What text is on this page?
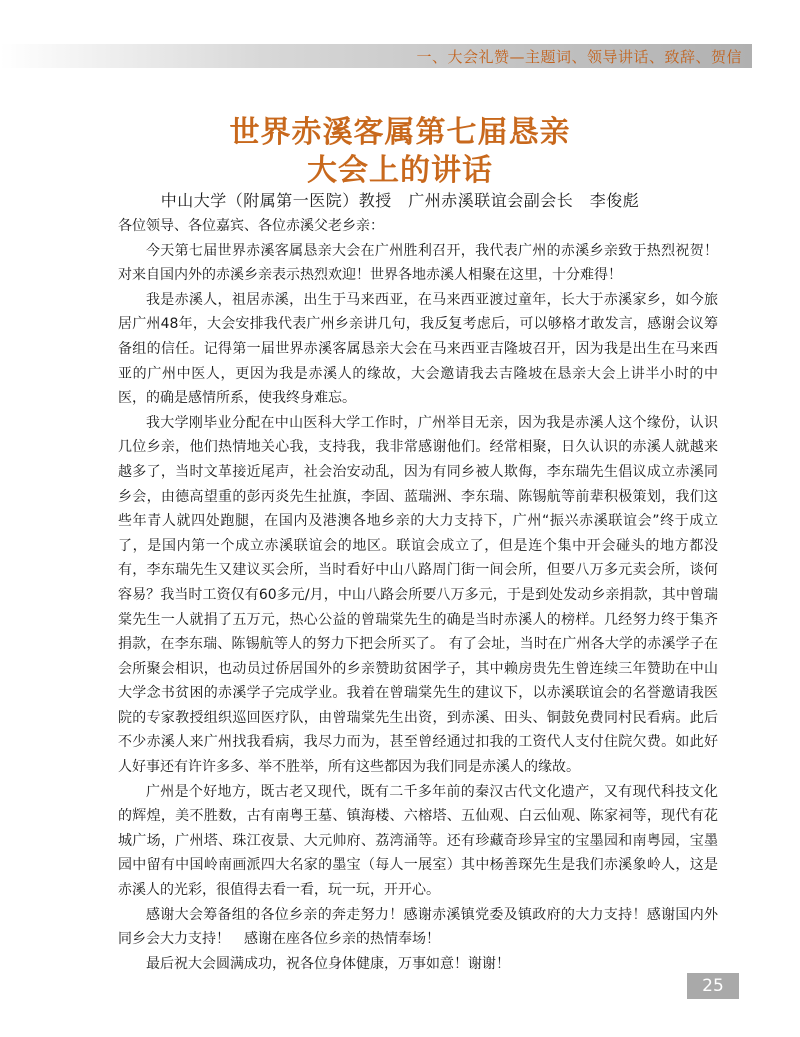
一、大会礼赞—主题词、领导讲话、致辞、贺信
世界赤溪客属第七届恳亲
大会上的讲话
中山大学（附属第一医院）教授　广州赤溪联谊会副会长　李俊彪

各位领导、各位嘉宾、各位赤溪父老乡亲：

今天第七届世界赤溪客属恳亲大会在广州胜利召开，我代表广州的赤溪乡亲致于热烈祝贺！对来自国内外的赤溪乡亲表示热烈欢迎！世界各地赤溪人相聚在这里，十分难得！

我是赤溪人，祖居赤溪，出生于马来西亚，在马来西亚渡过童年，长大于赤溪家乡，如今旅居广州48年，大会安排我代表广州乡亲讲几句，我反复考虑后，可以够格才敢发言，感谢会议筹备组的信任。记得第一届世界赤溪客属恳亲大会在马来西亚吉隆坡召开，因为我是出生在马来西亚的广州中医人，更因为我是赤溪人的缘故，大会邀请我去吉隆坡在恳亲大会上讲半小时的中医，的确是感情所系，使我终身难忘。

我大学刚毕业分配在中山医科大学工作时，广州举目无亲，因为我是赤溪人这个缘份，认识几位乡亲，他们热情地关心我，支持我，我非常感谢他们。经常相聚，日久认识的赤溪人就越来越多了，当时文革接近尾声，社会治安动乱，因为有同乡被人欺侮，李东瑞先生倡议成立赤溪同乡会，由德高望重的彭丙炎先生扯旗，李固、蓝瑞洲、李东瑞、陈锡航等前辈积极策划，我们这些年青人就四处跑腿，在国内及港澳各地乡亲的大力支持下，广州“振兴赤溪联谊会”终于成立了，是国内第一个成立赤溪联谊会的地区。联谊会成立了，但是连个集中开会碰头的地方都没有，李东瑞先生又建议买会所，当时看好中山八路周门街一间会所，但要八万多元卖会所，谈何容易？我当时工资仅有60多元/月，中山八路会所要八万多元，于是到处发动乡亲捐款，其中曾瑞棠先生一人就捐了五万元，热心公益的曾瑞棠先生的确是当时赤溪人的榜样。几经努力终于集齐捐款，在李东瑞、陈锡航等人的努力下把会所买了。 有了会址，当时在广州各大学的赤溪学子在会所聚会相识，也动员过侨居国外的乡亲赞助贫困学子，其中赖房贵先生曾连续三年赞助在中山大学念书贫困的赤溪学子完成学业。我着在曾瑞棠先生的建议下，以赤溪联谊会的名誉邀请我医院的专家教授组织巡回医疗队，由曾瑞棠先生出资，到赤溪、田头、铜鼓免费同村民看病。此后不少赤溪人来广州找我看病，我尽力而为，甚至曾经通过扣我的工资代人支付住院欠费。如此好人好事还有许许多多、举不胜举，所有这些都因为我们同是赤溪人的缘故。

广州是个好地方，既古老又现代，既有二千多年前的秦汉古代文化遗产，又有现代科技文化的辉煌，美不胜数，古有南粤王墓、镇海楼、六榕塔、五仙观、白云仙观、陈家祠等，现代有花城广场，广州塔、珠江夜景、大元帅府、荔湾涌等。还有珍藏奇珍异宝的宝墨园和南粤园，宝墨园中留有中国岭南画派四大名家的墨宝（每人一展室）其中杨善琛先生是我们赤溪象岭人，这是赤溪人的光彩，很值得去看一看，玩一玩，开开心。

感谢大会筹备组的各位乡亲的奔走努力！感谢赤溪镇党委及镇政府的大力支持！感谢国内外同乡会大力支持！　感谢在座各位乡亲的热情奉场！

最后祝大会圆满成功，祝各位身体健康，万事如意！谢谢！

25
